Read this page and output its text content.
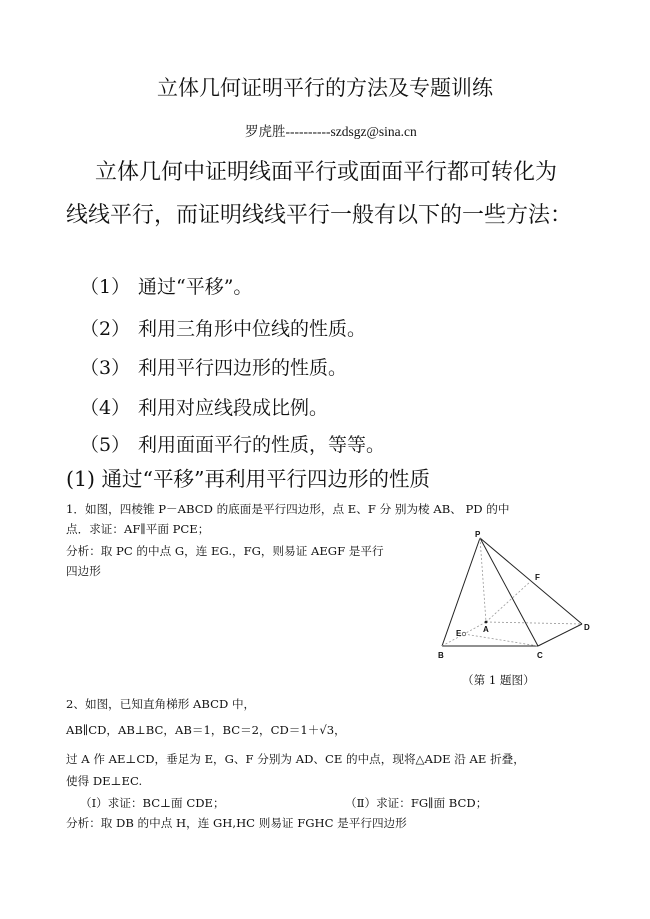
立体几何证明平行的方法及专题训练
罗虎胜----------szdsgz@sina.cn
立体几何中证明线面平行或面面平行都可转化为
线线平行，而证明线线平行一般有以下的一些方法：
（1） 通过“平移”。
（2） 利用三角形中位线的性质。
（3） 利用平行四边形的性质。
（4） 利用对应线段成比例。
（5） 利用面面平行的性质，等等。
(1) 通过“平移”再利用平行四边形的性质
1．如图，四棱锥 P－ABCD 的底面是平行四边形，点 E、F 分 别为棱 AB、 PD 的中
点．求证：AF∥平面 PCE；
分析：取 PC 的中点 G，连 EG.，FG，则易证 AEGF 是平行
四边形
P
F
A
E
D
B	C
（第 1 题图）
2、如图，已知直角梯形 ABCD 中，
AB∥CD，AB⊥BC，AB＝1，BC＝2，CD＝1＋√3，
过 A 作 AE⊥CD，垂足为 E，G、F 分别为 AD、CE 的中点，现将△ADE 沿 AE 折叠，
使得 DE⊥EC.
（Ⅰ）求证：BC⊥面 CDE；	（Ⅱ）求证：FG∥面 BCD；
分析：取 DB 的中点 H，连 GH,HC 则易证 FGHC 是平行四边形
